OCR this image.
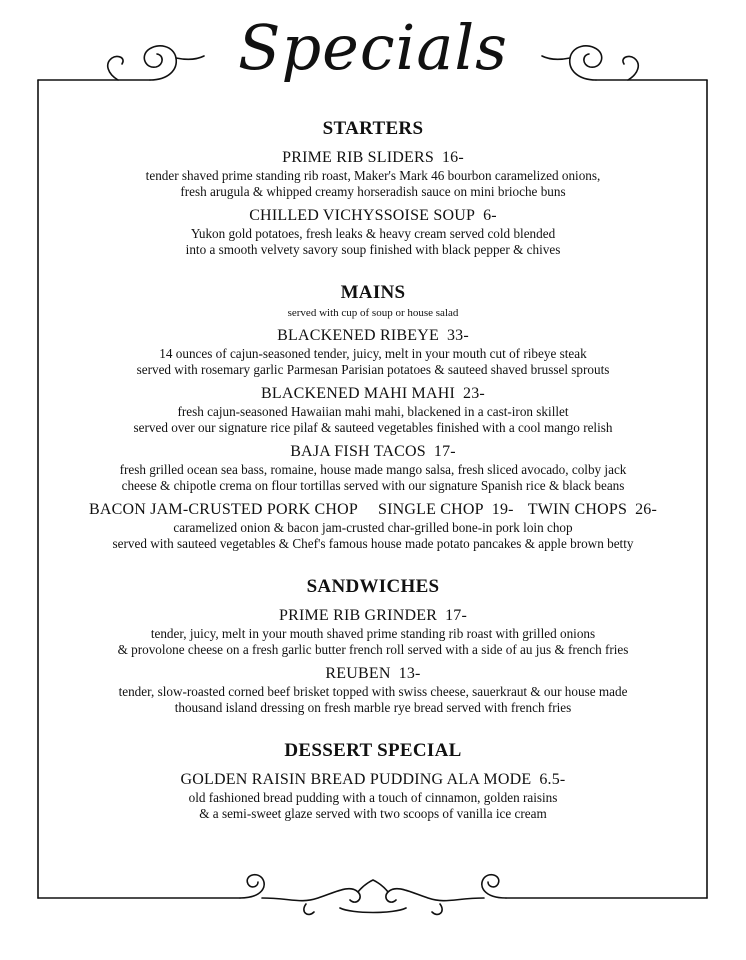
Specials
STARTERS

PRIME RIB SLIDERS 16-

tender shaved prime standing rib roast, Maker's Mark 46 bourbon caramelized onions,
fresh arugula & whipped creamy horseradish sauce on mini brioche buns

CHILLED VICHYSSOISE SOUP 6-

Yukon gold potatoes, fresh leaks & heavy cream served cold blended
into a smooth velvety savory soup finished with black pepper & chives

MAINS

served with cup of soup or house salad

BLACKENED RIBEYE 33-

14 ounces of cajun-seasoned tender, juicy, melt in your mouth cut of ribeye steak
served with rosemary garlic Parmesan Parisian potatoes & sauteed shaved brussel sprouts

BLACKENED MAHI MAHI 23-

fresh cajun-seasoned Hawaiian mahi mahi, blackened in a cast-iron skillet
served over our signature rice pilaf & sauteed vegetables finished with a cool mango relish

BAJA FISH TACOS 17-

fresh grilled ocean sea bass, romaine, house made mango salsa, fresh sliced avocado, colby jack
cheese & chipotle crema on flour tortillas served with our signature Spanish rice & black beans

BACON JAM-CRUSTED PORK CHOP SINGLE CHOP 19- TWIN CHOPS 26-

caramelized onion & bacon jam-crusted char-grilled bone-in pork loin chop
served with sauteed vegetables & Chef's famous house made potato pancakes & apple brown betty

SANDWICHES

PRIME RIB GRINDER 17-

tender, juicy, melt in your mouth shaved prime standing rib roast with grilled onions
& provolone cheese on a fresh garlic butter french roll served with a side of au jus & french fries

REUBEN 13-

tender, slow-roasted corned beef brisket topped with swiss cheese, sauerkraut & our house made
thousand island dressing on fresh marble rye bread served with french fries

DESSERT SPECIAL

GOLDEN RAISIN BREAD PUDDING ALA MODE 6.5-

old fashioned bread pudding with a touch of cinnamon, golden raisins
& a semi-sweet glaze served with two scoops of vanilla ice cream
